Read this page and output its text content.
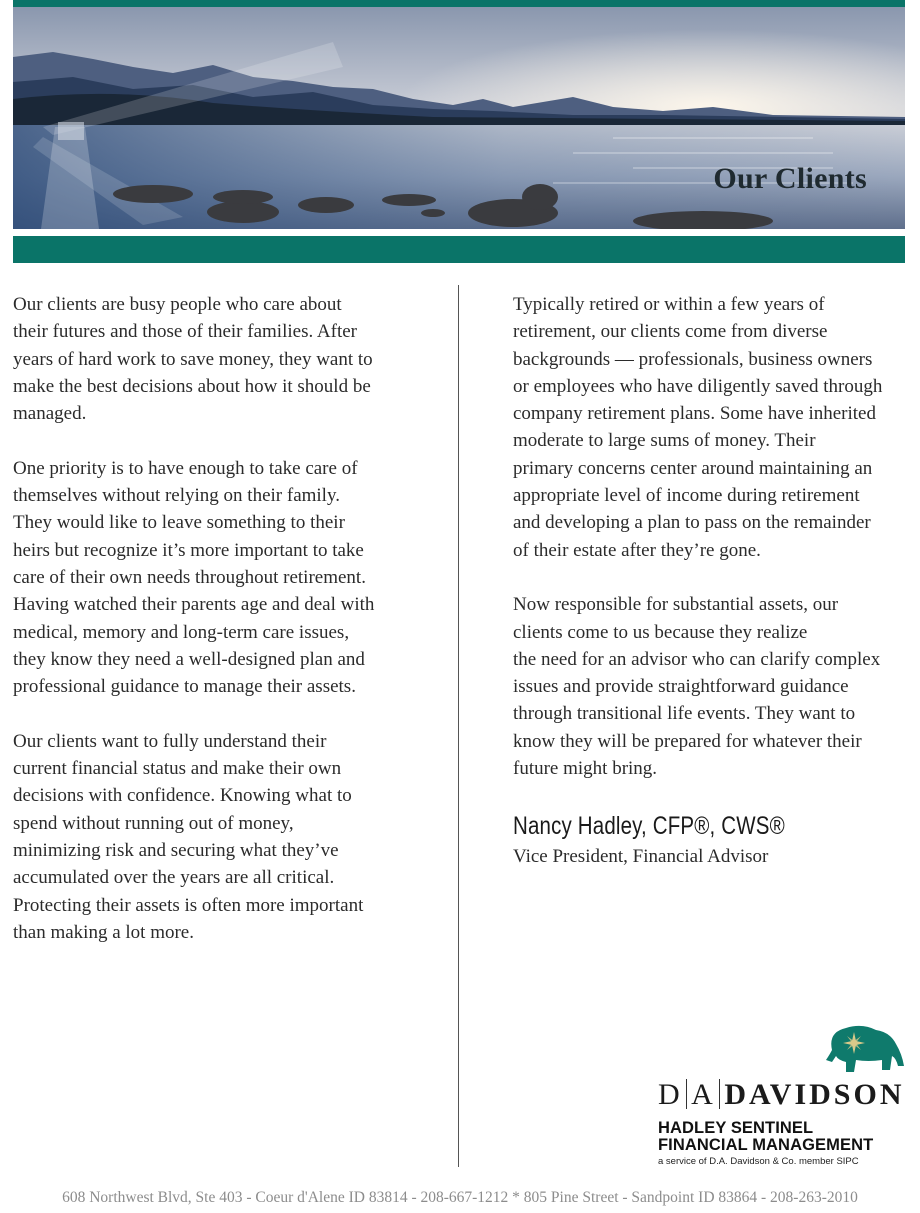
Our Clients

Our clients are busy people who care about
their futures and those of their families. After
years of hard work to save money, they want to
make the best decisions about how it should be
managed.

One priority is to have enough to take care of
themselves without relying on their family.
They would like to leave something to their
heirs but recognize it’s more important to take
care of their own needs throughout retirement.
Having watched their parents age and deal with
medical, memory and long-term care issues,
they know they need a well-designed plan and
professional guidance to manage their assets.

Our clients want to fully understand their
current financial status and make their own
decisions with confidence. Knowing what to
spend without running out of money,
minimizing risk and securing what they’ve
accumulated over the years are all critical.
Protecting their assets is often more important
than making a lot more.

Typically retired or within a few years of
retirement, our clients come from diverse
backgrounds — professionals, business owners
or employees who have diligently saved through
company retirement plans. Some have inherited
moderate to large sums of money. Their
primary concerns center around maintaining an
appropriate level of income during retirement
and developing a plan to pass on the remainder
of their estate after they’re gone.

Now responsible for substantial assets, our
clients come to us because they realize
the need for an advisor who can clarify complex
issues and provide straightforward guidance
through transitional life events. They want to
know they will be prepared for whatever their
future might bring.

Nancy Hadley, CFP®, CWS®
Vice President, Financial Advisor
D A DAVIDSON
HADLEY SENTINEL
FINANCIAL MANAGEMENT
a service of D.A. Davidson & Co. member SIPC
608 Northwest Blvd, Ste 403 - Coeur d'Alene ID 83814 - 208-667-1212 * 805 Pine Street - Sandpoint ID 83864 - 208-263-2010
